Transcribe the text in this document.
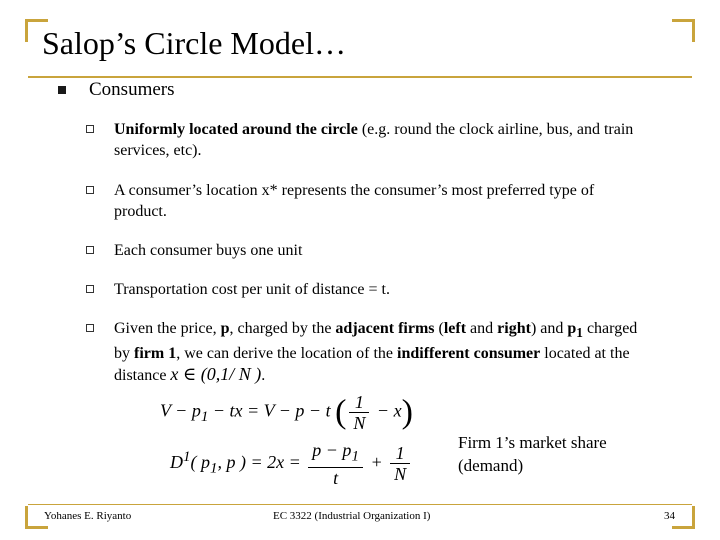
Salop’s Circle Model…
Consumers
Uniformly located around the circle (e.g. round the clock airline, bus, and train services, etc).
A consumer’s location x* represents the consumer’s most preferred type of product.
Each consumer buys one unit
Transportation cost per unit of distance = t.
Given the price, p, charged by the adjacent firms (left and right) and $p_1$ charged by firm 1, we can derive the location of the indifferent consumer located at the distance x ∈ (0,1/ N ).
$V - p_1$ − tx = V − p − t ( $\frac{1}{N} - x$)
$D^1$( $p_1$, p ) = $2x = \frac{p - p_1}{t} + \frac{1}{N}$
Firm 1’s market share
(demand)
Yohanes E. Riyanto	EC 3322 (Industrial Organization I)	34
